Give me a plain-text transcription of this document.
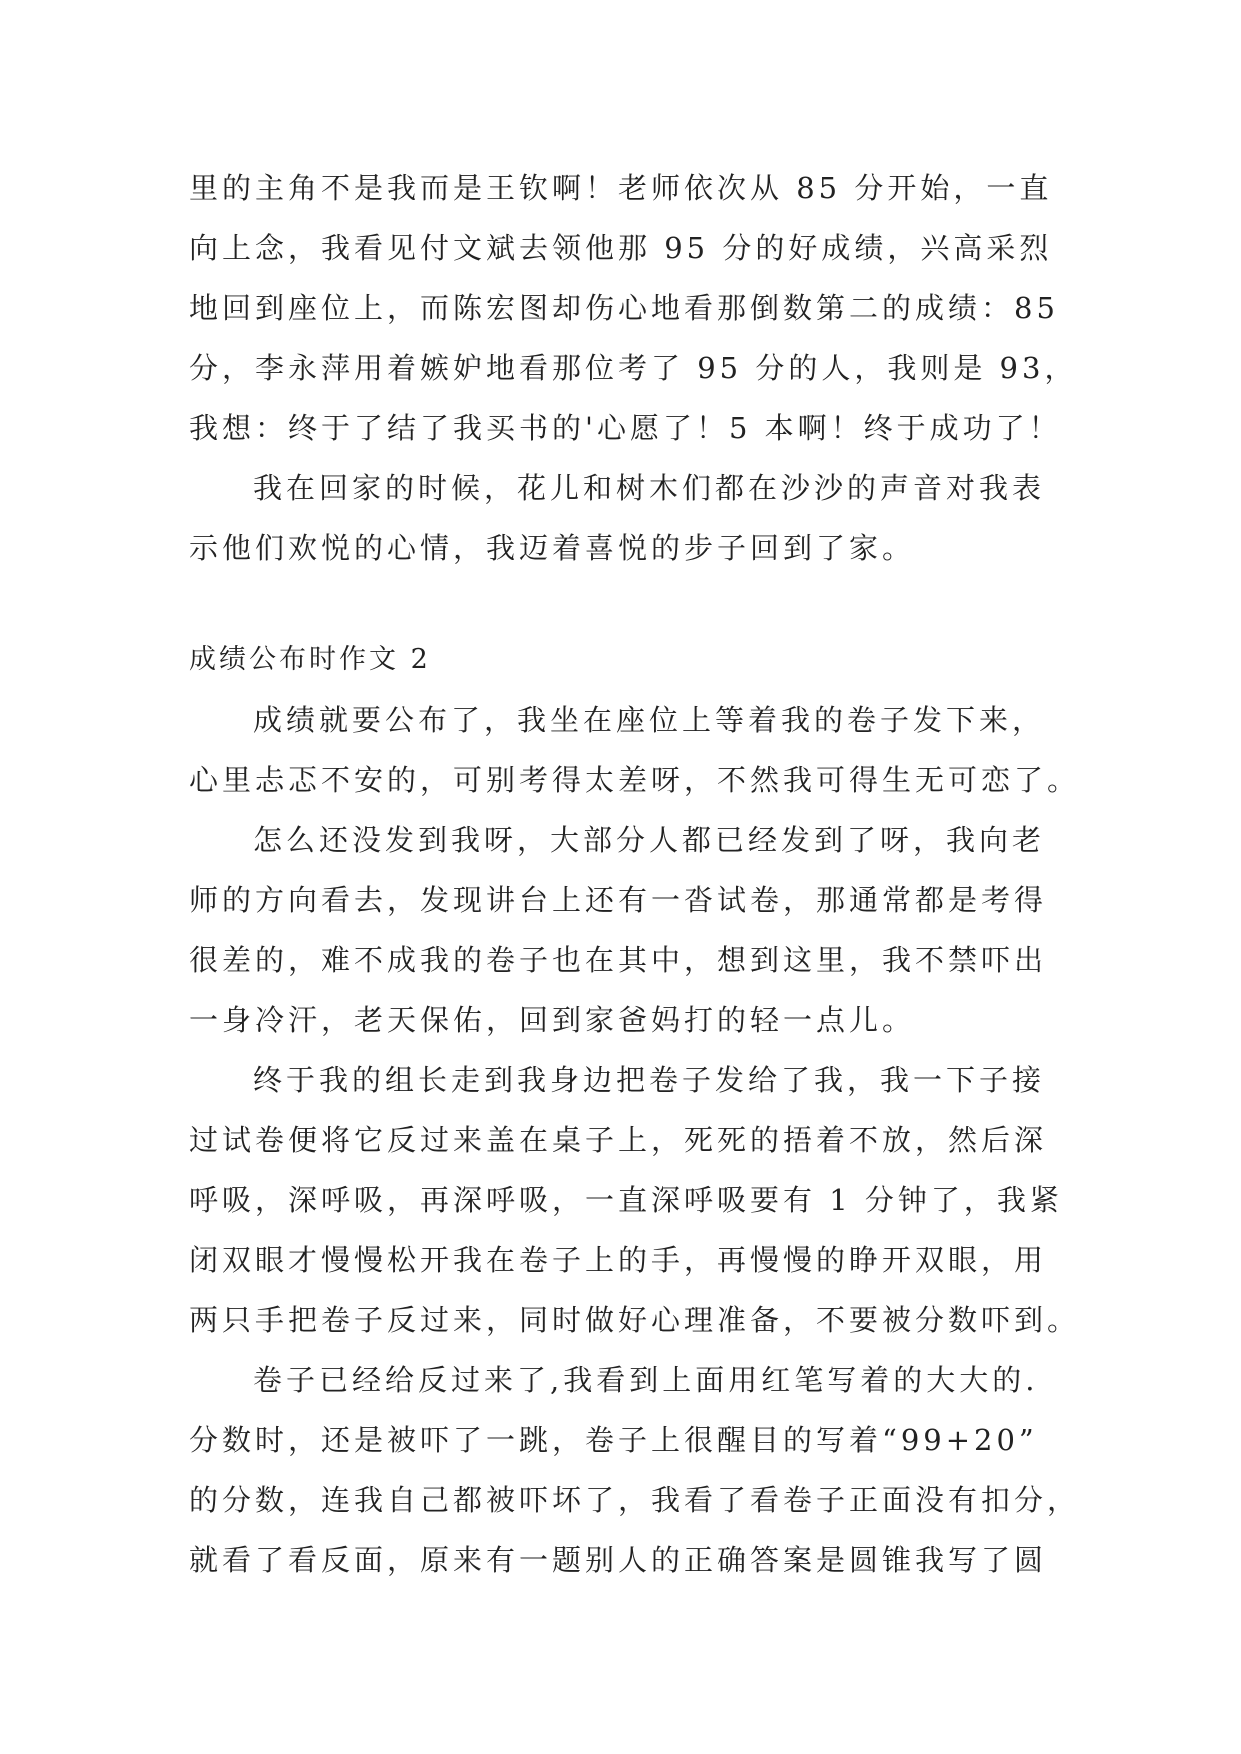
里的主角不是我而是王钦啊！老师依次从 85 分开始，一直
向上念，我看见付文斌去领他那 95 分的好成绩，兴高采烈
地回到座位上，而陈宏图却伤心地看那倒数第二的成绩：85
分，李永萍用着嫉妒地看那位考了 95 分的人，我则是 93，
我想：终于了结了我买书的'心愿了！5 本啊！终于成功了！
我在回家的时候，花儿和树木们都在沙沙的声音对我表
示他们欢悦的心情，我迈着喜悦的步子回到了家。
成绩公布时作文 2
成绩就要公布了，我坐在座位上等着我的卷子发下来，
心里忐忑不安的，可别考得太差呀，不然我可得生无可恋了。
怎么还没发到我呀，大部分人都已经发到了呀，我向老
师的方向看去，发现讲台上还有一沓试卷，那通常都是考得
很差的，难不成我的卷子也在其中，想到这里，我不禁吓出
一身冷汗，老天保佑，回到家爸妈打的轻一点儿。
终于我的组长走到我身边把卷子发给了我，我一下子接
过试卷便将它反过来盖在桌子上，死死的捂着不放，然后深
呼吸，深呼吸，再深呼吸，一直深呼吸要有 1 分钟了，我紧
闭双眼才慢慢松开我在卷子上的手，再慢慢的睁开双眼，用
两只手把卷子反过来，同时做好心理准备，不要被分数吓到。
卷子已经给反过来了,我看到上面用红笔写着的大大的.
分数时，还是被吓了一跳，卷子上很醒目的写着“99+20”
的分数，连我自己都被吓坏了，我看了看卷子正面没有扣分，
就看了看反面，原来有一题别人的正确答案是圆锥我写了圆
